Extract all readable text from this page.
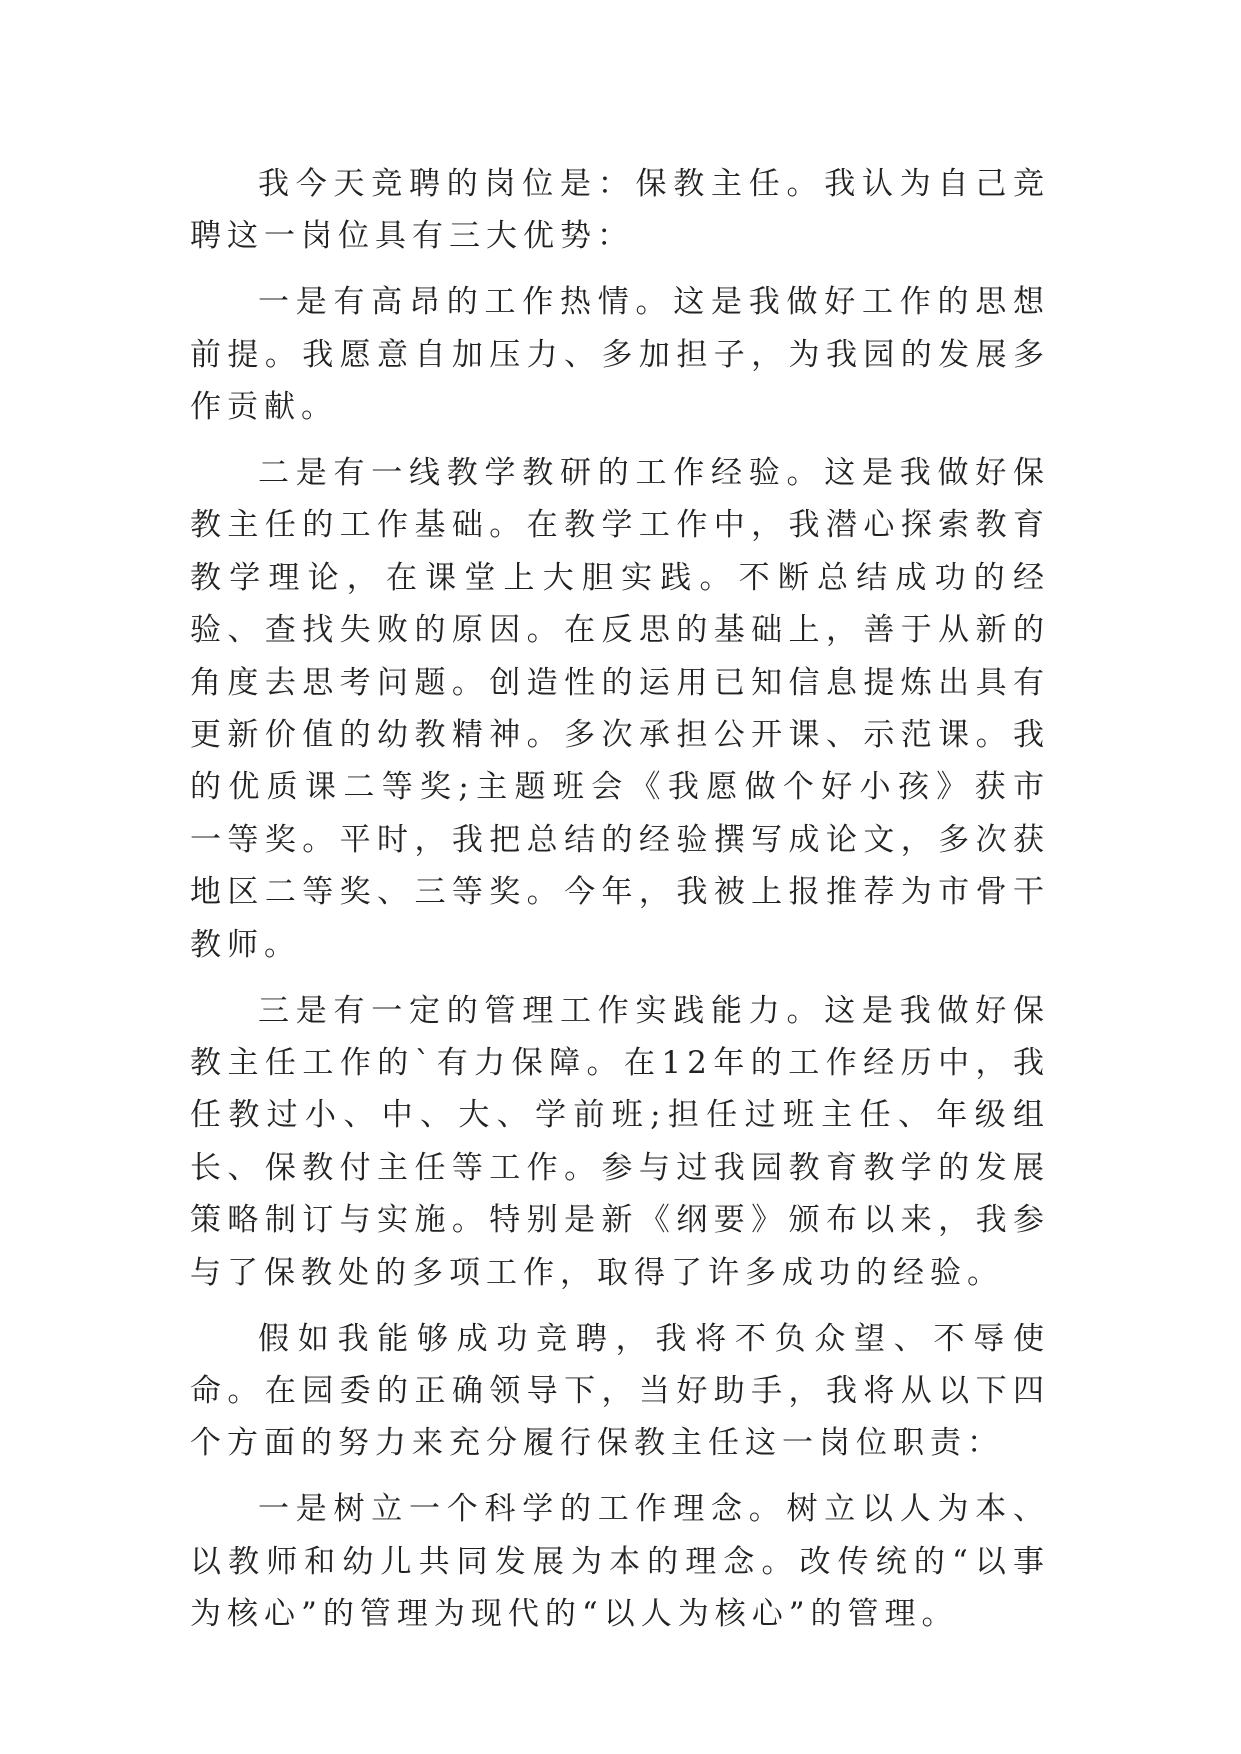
我今天竞聘的岗位是：保教主任。我认为自己竞聘这一岗位具有三大优势：

一是有高昂的工作热情。这是我做好工作的思想前提。我愿意自加压力、多加担子，为我园的发展多作贡献。

二是有一线教学教研的工作经验。这是我做好保教主任的工作基础。在教学工作中，我潜心探索教育教学理论，在课堂上大胆实践。不断总结成功的经验、查找失败的原因。在反思的基础上，善于从新的角度去思考问题。创造性的运用已知信息提炼出具有更新价值的幼教精神。多次承担公开课、示范课。我的优质课二等奖;主题班会《我愿做个好小孩》获市一等奖。平时，我把总结的经验撰写成论文，多次获地区二等奖、三等奖。今年，我被上报推荐为市骨干教师。

三是有一定的管理工作实践能力。这是我做好保教主任工作的`有力保障。在12年的工作经历中，我任教过小、中、大、学前班;担任过班主任、年级组长、保教付主任等工作。参与过我园教育教学的发展策略制订与实施。特别是新《纲要》颁布以来，我参与了保教处的多项工作，取得了许多成功的经验。

假如我能够成功竞聘，我将不负众望、不辱使命。在园委的正确领导下，当好助手，我将从以下四个方面的努力来充分履行保教主任这一岗位职责：

一是树立一个科学的工作理念。树立以人为本、以教师和幼儿共同发展为本的理念。改传统的“以事为核心”的管理为现代的“以人为核心”的管理。
